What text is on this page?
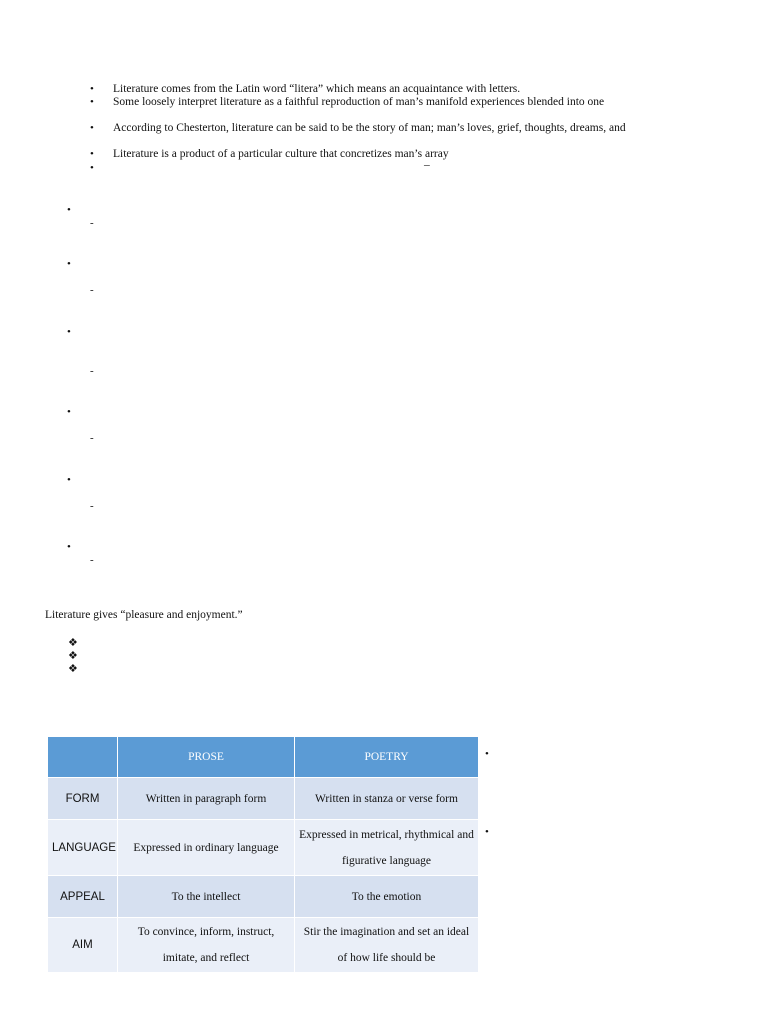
• Literature comes from the Latin word “litera” which means an acquaintance with letters.
• Some loosely interpret literature as a faithful reproduction of man’s manifold experiences blended into one
• According to Chesterton, literature can be said to be the story of man; man’s loves, grief, thoughts, dreams, and
• Literature is a product of a particular culture that concretizes man’s array
•	–
•
-
•
-
•
-
•
-
•
-
•
-
Literature gives “pleasure and enjoyment.”
❖
❖
❖
	PROSE	POETRY
FORM	Written in paragraph form	Written in stanza or verse form
LANGUAGE	Expressed in ordinary language	Expressed in metrical, rhythmical and figurative language
APPEAL	To the intellect	To the emotion
AIM	To convince, inform, instruct, imitate, and reflect	Stir the imagination and set an ideal of how life should be
•
•
